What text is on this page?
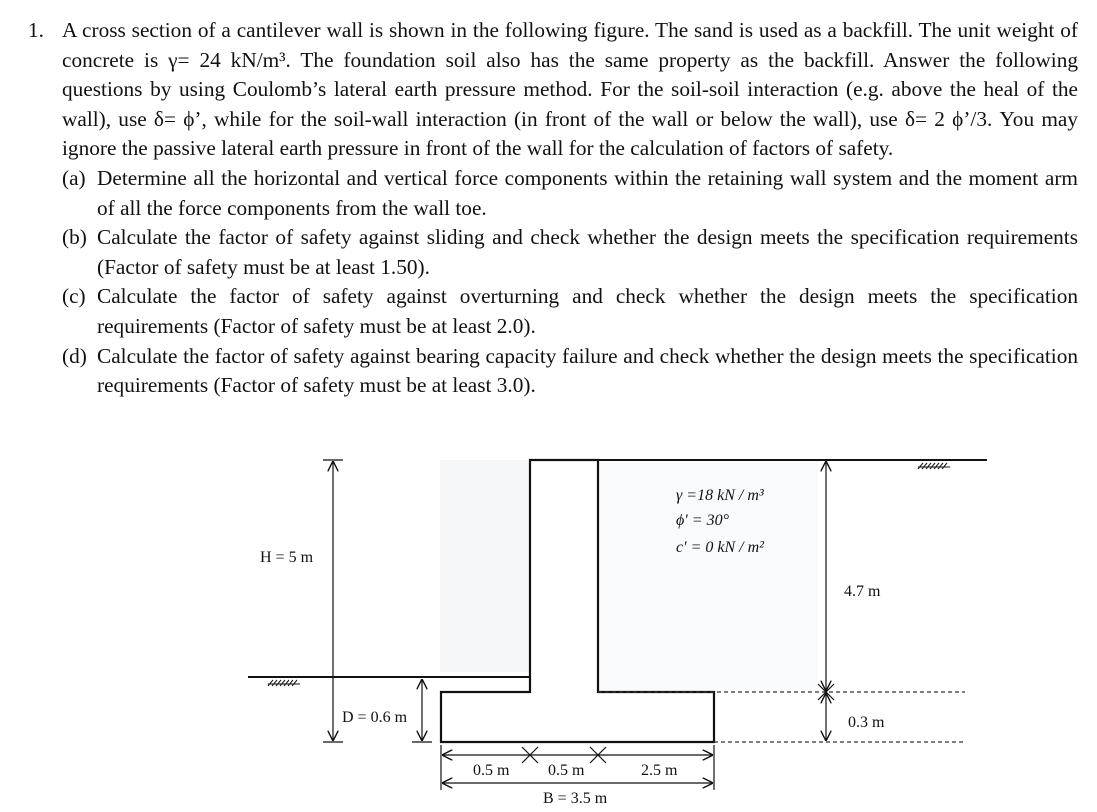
1. A cross section of a cantilever wall is shown in the following figure. The sand is used as a backfill. The unit weight of concrete is γ= 24 kN/m³. The foundation soil also has the same property as the backfill. Answer the following questions by using Coulomb’s lateral earth pressure method. For the soil-soil interaction (e.g. above the heal of the wall), use δ= ϕ’, while for the soil-wall interaction (in front of the wall or below the wall), use δ= 2 ϕ’/3. You may ignore the passive lateral earth pressure in front of the wall for the calculation of factors of safety.
(a) Determine all the horizontal and vertical force components within the retaining wall system and the moment arm of all the force components from the wall toe.
(b) Calculate the factor of safety against sliding and check whether the design meets the specification requirements (Factor of safety must be at least 1.50).
(c) Calculate the factor of safety against overturning and check whether the design meets the specification requirements (Factor of safety must be at least 2.0).
(d) Calculate the factor of safety against bearing capacity failure and check whether the design meets the specification requirements (Factor of safety must be at least 3.0).
H = 5 m
D = 0.6 m
4.7 m
0.3 m
0.5 m 0.5 m	2.5 m
B = 3.5 m
γ =18 kN / m³
ϕ′ = 30°
c′ = 0 kN / m²
